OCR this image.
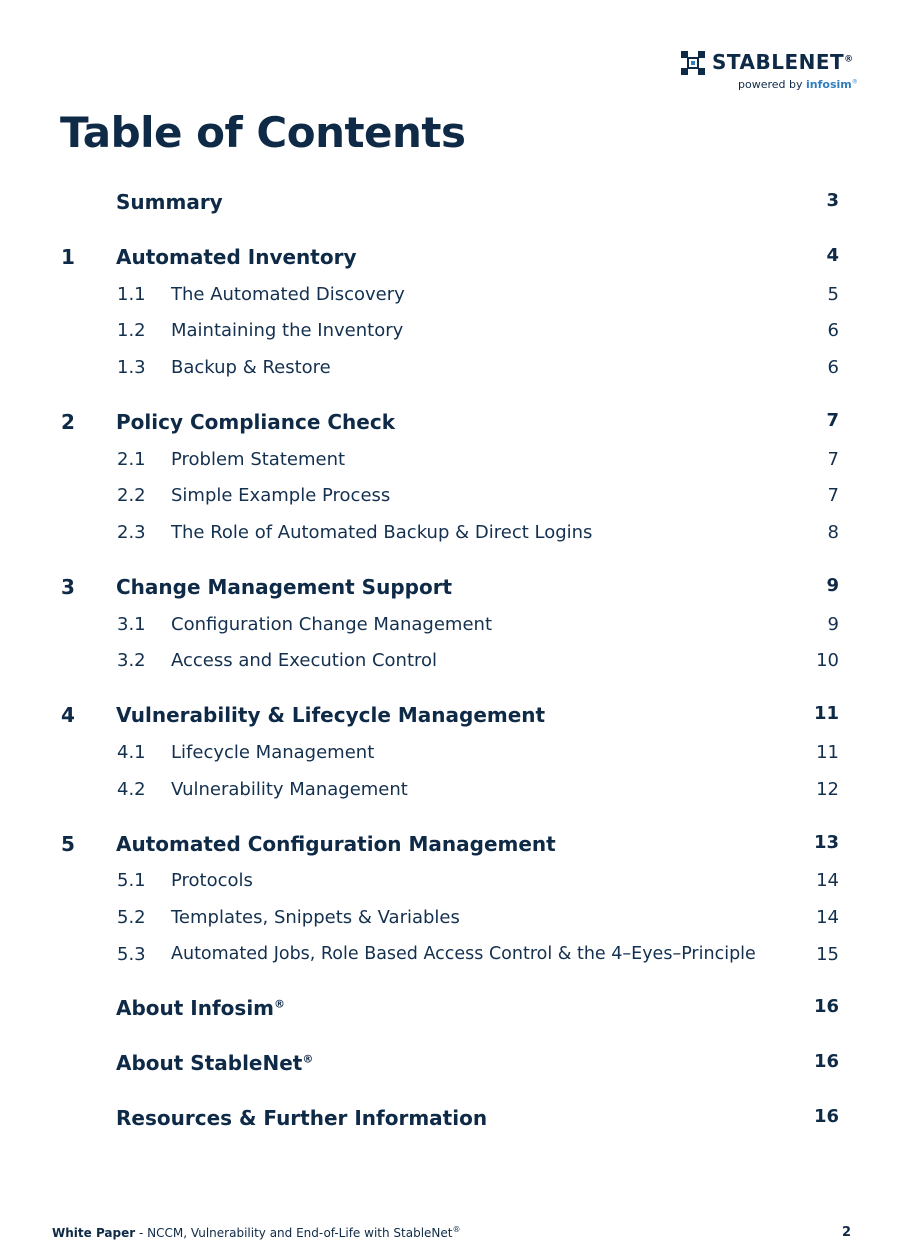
STABLENET®
powered by infosim®
Table of Contents
Summary	3
1 Automated Inventory	4
1.1 The Automated Discovery	5
1.2 Maintaining the Inventory	6
1.3 Backup & Restore	6
2 Policy Compliance Check	7
2.1 Problem Statement	7
2.2 Simple Example Process	7
2.3 The Role of Automated Backup & Direct Logins	8
3 Change Management Support	9
3.1 Configuration Change Management	9
3.2 Access and Execution Control	10
4 Vulnerability & Lifecycle Management	11
4.1 Lifecycle Management	11
4.2 Vulnerability Management	12
5 Automated Configuration Management	13
5.1 Protocols	14
5.2 Templates, Snippets & Variables	14
5.3 Automated Jobs, Role Based Access Control & the 4–Eyes–Principle	15
About Infosim®	16
About StableNet®	16
Resources & Further Information	16
White Paper - NCCM, Vulnerability and End-of-Life with StableNet®	2
